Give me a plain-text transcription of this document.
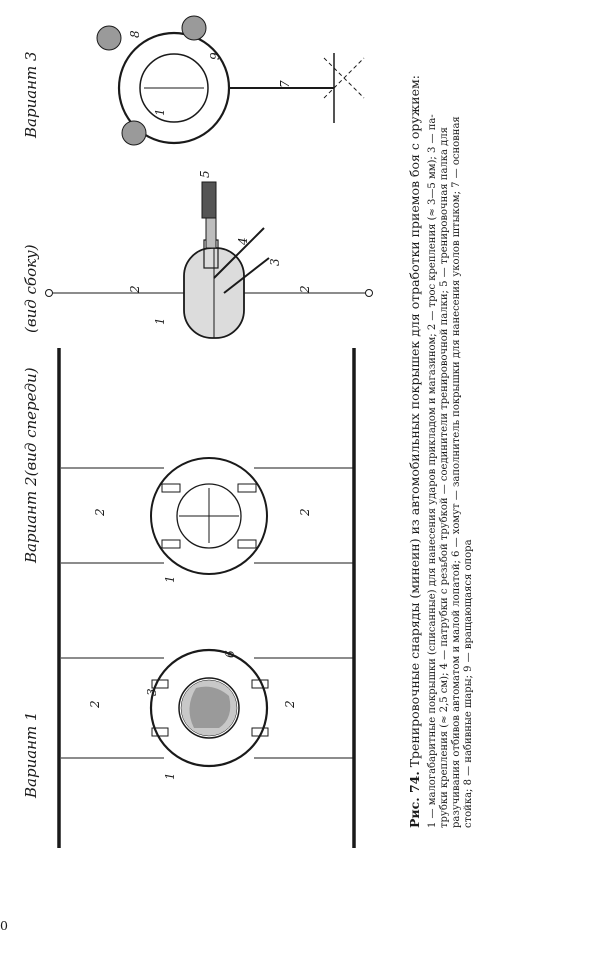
Вариант 1
Вариант 2(вид спереди)
(вид сбоку)
Вариант 3
1
2	2
3
6
1
2	2
1
2	2
3
4
5
1
7
8
9
Рис. 74. Тренировочные снаряды (минеин) из автомобильных покрышек для отработки приемов боя с оружием: 1 — малогабаритные покрышки (списанные) для нанесения ударов прикладом и магазином; 2 — трос крепления (≈ 3—5 мм); 3 — па- трубки крепления (≈ 2,5 см); 4 — патрубки с резьбой трубкой — соединители тренировочной палки; 5 — тренировочная палка для разучивания отбивов автоматом и малой лопатой; 6 — хомут — заполнитель покрышки для нанесения уколов штыком; 7 — основная стойка; 8 — набивные шары; 9 — вращающаяся опора
0
